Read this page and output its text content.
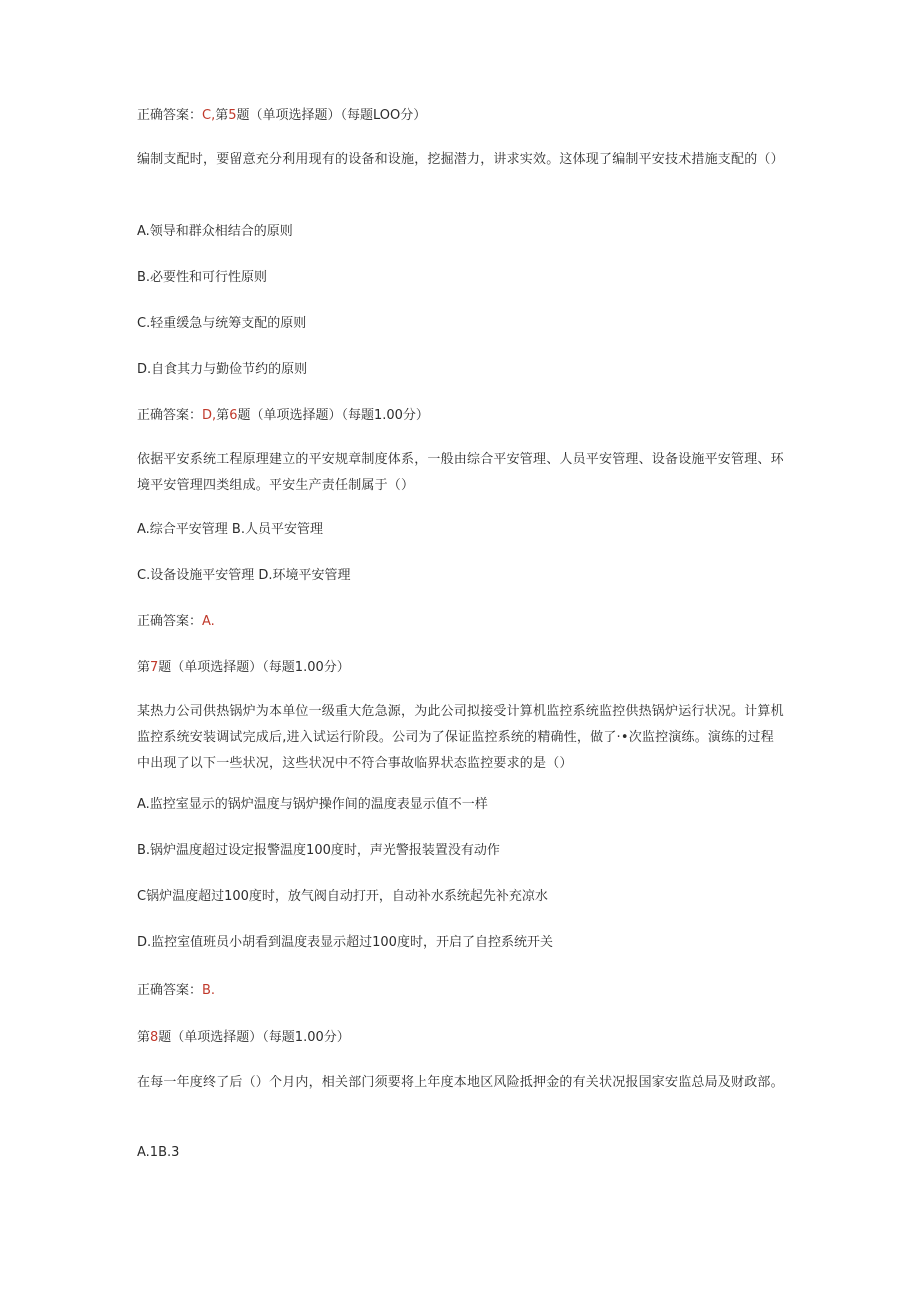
正确答案：C,第5题（单项选择题）（每题LOO分）
编制支配时，要留意充分利用现有的设备和设施，挖掘潜力，讲求实效。这体现了编制平安技术措施支配的（）
A.领导和群众相结合的原则
B.必要性和可行性原则
C.轻重缓急与统筹支配的原则
D.自食其力与勤俭节约的原则
正确答案：D,第6题（单项选择题）（每题1.00分）
依据平安系统工程原理建立的平安规章制度体系，一般由综合平安管理、人员平安管理、设备设施平安管理、环境平安管理四类组成。平安生产责任制属于（）
A.综合平安管理 B.人员平安管理
C.设备设施平安管理 D.环境平安管理
正确答案：A.
第7题（单项选择题）（每题1.00分）
某热力公司供热锅炉为本单位一级重大危急源，为此公司拟接受计算机监控系统监控供热锅炉运行状况。计算机监控系统安装调试完成后,进入试运行阶段。公司为了保证监控系统的精确性，做了·•次监控演练。演练的过程中出现了以下一些状况，这些状况中不符合事故临界状态监控要求的是（）
A.监控室显示的锅炉温度与锅炉操作间的温度表显示值不一样
B.锅炉温度超过设定报警温度100度时，声光警报装置没有动作
C锅炉温度超过100度时，放气阀自动打开，自动补水系统起先补充凉水
D.监控室值班员小胡看到温度表显示超过100度时，开启了自控系统开关
正确答案：B.
第8题（单项选择题）（每题1.00分）
在每一年度终了后（）个月内，相关部门须要将上年度本地区风险抵押金的有关状况报国家安监总局及财政部。
A.1B.3
